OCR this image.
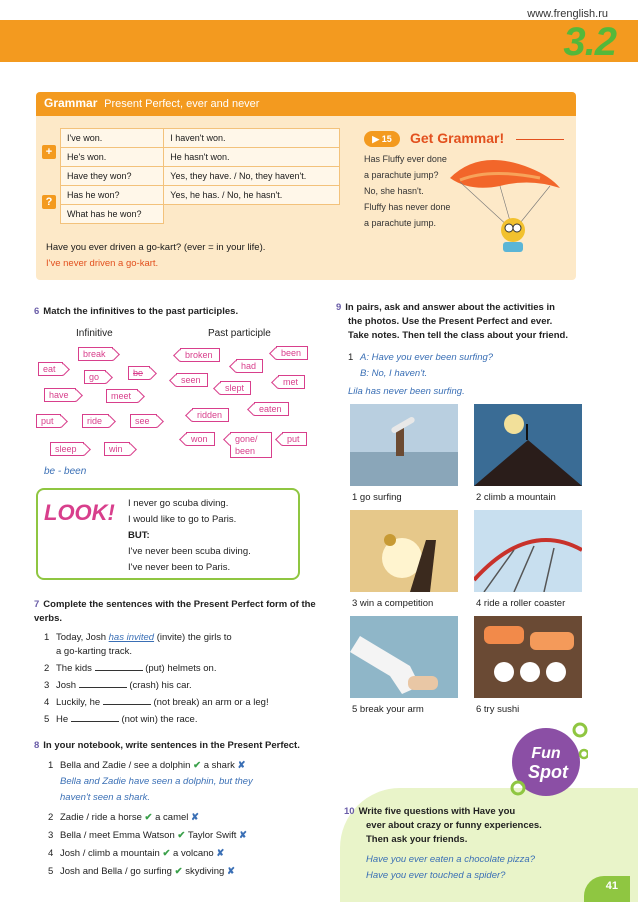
www.frenglish.ru
3.2
Grammar Present Perfect, ever and never
+
?
I've won.	I haven't won.
He's won.	He hasn't won.
Have they won?	Yes, they have. / No, they haven't.
Has he won?	Yes, he has. / No, he hasn't.
What has he won?	
Have you ever driven a go-kart? (ever = in your life).
I've never driven a go-kart.
▶ 15	Get Grammar!
Has Fluffy ever done
a parachute jump?
No, she hasn't.
Fluffy has never done
a parachute jump.
6 Match the infinitives to the past participles.
Infinitive	Past participle
break
eat
go	be
have	meet
put	ride	see
sleep	win
broken	been
had
seen	met
slept
eaten
ridden
won	gone/ been
put
be - been
LOOK! I never go scuba diving.
I would like to go to Paris.
BUT:
I've never been scuba diving.
I've never been to Paris.
7 Complete the sentences with the Present Perfect form of the verbs.
1 Today, Josh has invited (invite) the girls to
a go-karting track.
2 The kids	(put) helmets on.
3 Josh	(crash) his car.
4 Luckily, he	(not break) an arm or a leg!
5 He	(not win) the race.
8 In your notebook, write sentences in the Present Perfect.
1 Bella and Zadie / see a dolphin ✔ a shark ✘
Bella and Zadie have seen a dolphin, but they
haven't seen a shark.
2 Zadie / ride a horse ✔ a camel ✘
3 Bella / meet Emma Watson ✔ Taylor Swift ✘
4 Josh / climb a mountain ✔ a volcano ✘
5 Josh and Bella / go surfing ✔ skydiving ✘
9 In pairs, ask and answer about the activities in
the photos. Use the Present Perfect and ever.
Take notes. Then tell the class about your friend.
1 A: Have you ever been surfing?
B: No, I haven't.
Lila has never been surfing.
1 go surfing	2 climb a mountain
3 win a competition	4 ride a roller coaster
5 break your arm	6 try sushi
Fun
Spot
10 Write five questions with Have you
ever about crazy or funny experiences.
Then ask your friends.
Have you ever eaten a chocolate pizza?
Have you ever touched a spider?
41
